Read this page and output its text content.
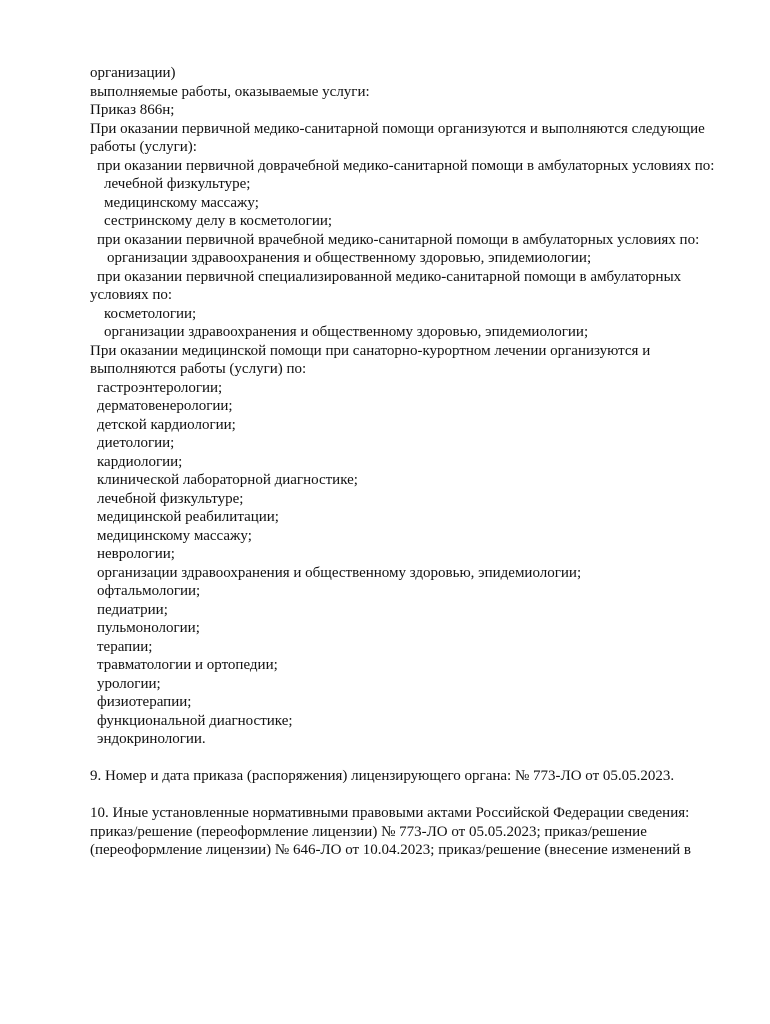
организации)
выполняемые работы, оказываемые услуги:
Приказ 866н;
При оказании первичной медико-санитарной помощи организуются и выполняются следующие работы (услуги):
при оказании первичной доврачебной медико-санитарной помощи в амбулаторных условиях по:
лечебной физкультуре;
медицинскому массажу;
сестринскому делу в косметологии;
при оказании первичной врачебной медико-санитарной помощи в амбулаторных условиях по:
организации здравоохранения и общественному здоровью, эпидемиологии;
при оказании первичной специализированной медико-санитарной помощи в амбулаторных условиях по:
косметологии;
организации здравоохранения и общественному здоровью, эпидемиологии;
При оказании медицинской помощи при санаторно-курортном лечении организуются и выполняются работы (услуги) по:
гастроэнтерологии;
дерматовенерологии;
детской кардиологии;
диетологии;
кардиологии;
клинической лабораторной диагностике;
лечебной физкультуре;
медицинской реабилитации;
медицинскому массажу;
неврологии;
организации здравоохранения и общественному здоровью, эпидемиологии;
офтальмологии;
педиатрии;
пульмонологии;
терапии;
травматологии и ортопедии;
урологии;
физиотерапии;
функциональной диагностике;
эндокринологии.
9. Номер и дата приказа (распоряжения) лицензирующего органа: № 773-ЛО от 05.05.2023.
10. Иные установленные нормативными правовыми актами Российской Федерации сведения: приказ/решение (переоформление лицензии) № 773-ЛО от 05.05.2023; приказ/решение (переоформление лицензии) № 646-ЛО от 10.04.2023; приказ/решение (внесение изменений в
